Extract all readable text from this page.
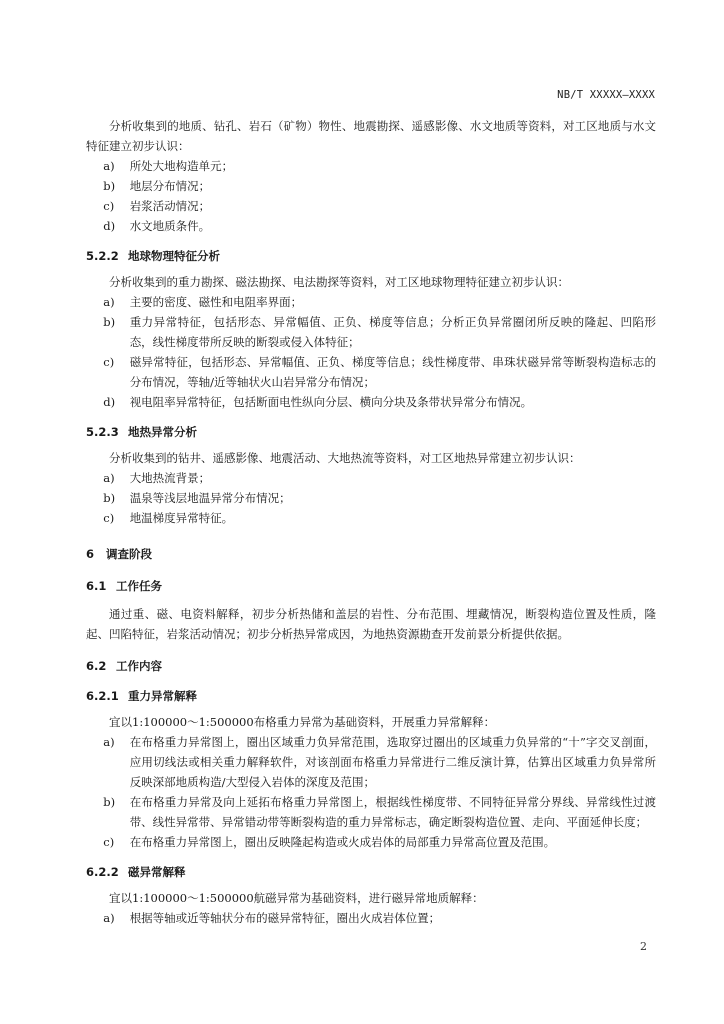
NB/T XXXXX—XXXX

分析收集到的地质、钻孔、岩石（矿物）物性、地震勘探、遥感影像、水文地质等资料，对工区地质与水文特征建立初步认识：

a) 所处大地构造单元；
b) 地层分布情况；
c) 岩浆活动情况；
d) 水文地质条件。
5.2.2 地球物理特征分析

分析收集到的重力勘探、磁法勘探、电法勘探等资料，对工区地球物理特征建立初步认识：

a) 主要的密度、磁性和电阻率界面；
b) 重力异常特征，包括形态、异常幅值、正负、梯度等信息；分析正负异常圈闭所反映的隆起、凹陷形态，线性梯度带所反映的断裂或侵入体特征；
c) 磁异常特征，包括形态、异常幅值、正负、梯度等信息；线性梯度带、串珠状磁异常等断裂构造标志的分布情况，等轴/近等轴状火山岩异常分布情况；
d) 视电阻率异常特征，包括断面电性纵向分层、横向分块及条带状异常分布情况。
5.2.3 地热异常分析

分析收集到的钻井、遥感影像、地震活动、大地热流等资料，对工区地热异常建立初步认识：

a) 大地热流背景；
b) 温泉等浅层地温异常分布情况；
c) 地温梯度异常特征。
6 调查阶段
6.1 工作任务

通过重、磁、电资料解释，初步分析热储和盖层的岩性、分布范围、埋藏情况，断裂构造位置及性质，隆起、凹陷特征，岩浆活动情况；初步分析热异常成因，为地热资源勘查开发前景分析提供依据。

6.2 工作内容
6.2.1 重力异常解释

宜以1:100000～1:500000布格重力异常为基础资料，开展重力异常解释：

a) 在布格重力异常图上，圈出区域重力负异常范围，选取穿过圈出的区域重力负异常的“十”字交叉剖面，应用切线法或相关重力解释软件，对该剖面布格重力异常进行二维反演计算，估算出区域重力负异常所反映深部地质构造/大型侵入岩体的深度及范围；
b) 在布格重力异常及向上延拓布格重力异常图上，根据线性梯度带、不同特征异常分界线、异常线性过渡带、线性异常带、异常错动带等断裂构造的重力异常标志，确定断裂构造位置、走向、平面延伸长度；
c) 在布格重力异常图上，圈出反映隆起构造或火成岩体的局部重力异常高位置及范围。
6.2.2 磁异常解释

宜以1:100000～1:500000航磁异常为基础资料，进行磁异常地质解释：

a) 根据等轴或近等轴状分布的磁异常特征，圈出火成岩体位置；
2
